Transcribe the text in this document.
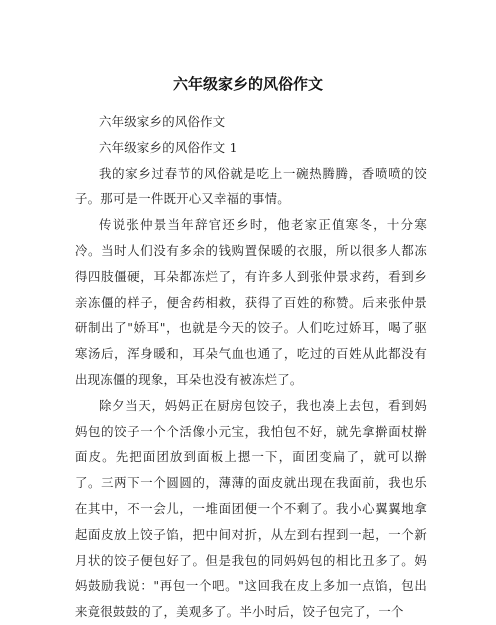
六年级家乡的风俗作文

六年级家乡的风俗作文

六年级家乡的风俗作文 1

我的家乡过春节的风俗就是吃上一碗热腾腾，香喷喷的饺子。那可是一件既开心又幸福的事情。

传说张仲景当年辞官还乡时，他老家正值寒冬，十分寒冷。当时人们没有多余的钱购置保暖的衣服，所以很多人都冻得四肢僵硬，耳朵都冻烂了，有许多人到张仲景求药，看到乡亲冻僵的样子，便舍药相救，获得了百姓的称赞。后来张仲景研制出了"娇耳"，也就是今天的饺子。人们吃过娇耳，喝了驱寒汤后，浑身暖和，耳朵气血也通了，吃过的百姓从此都没有出现冻僵的现象，耳朵也没有被冻烂了。

除夕当天，妈妈正在厨房包饺子，我也凑上去包，看到妈妈包的饺子一个个活像小元宝，我怕包不好，就先拿擀面杖擀面皮。先把面团放到面板上摁一下，面团变扁了，就可以擀了。三两下一个圆圆的，薄薄的面皮就出现在我面前，我也乐在其中，不一会儿，一堆面团便一个不剩了。我小心翼翼地拿起面皮放上饺子馅，把中间对折，从左到右捏到一起，一个新月状的饺子便包好了。但是我包的同妈妈包的相比丑多了。妈妈鼓励我说："再包一个吧。"这回我在皮上多加一点馅，包出来竟很鼓鼓的了，美观多了。半小时后，饺子包完了，一个
